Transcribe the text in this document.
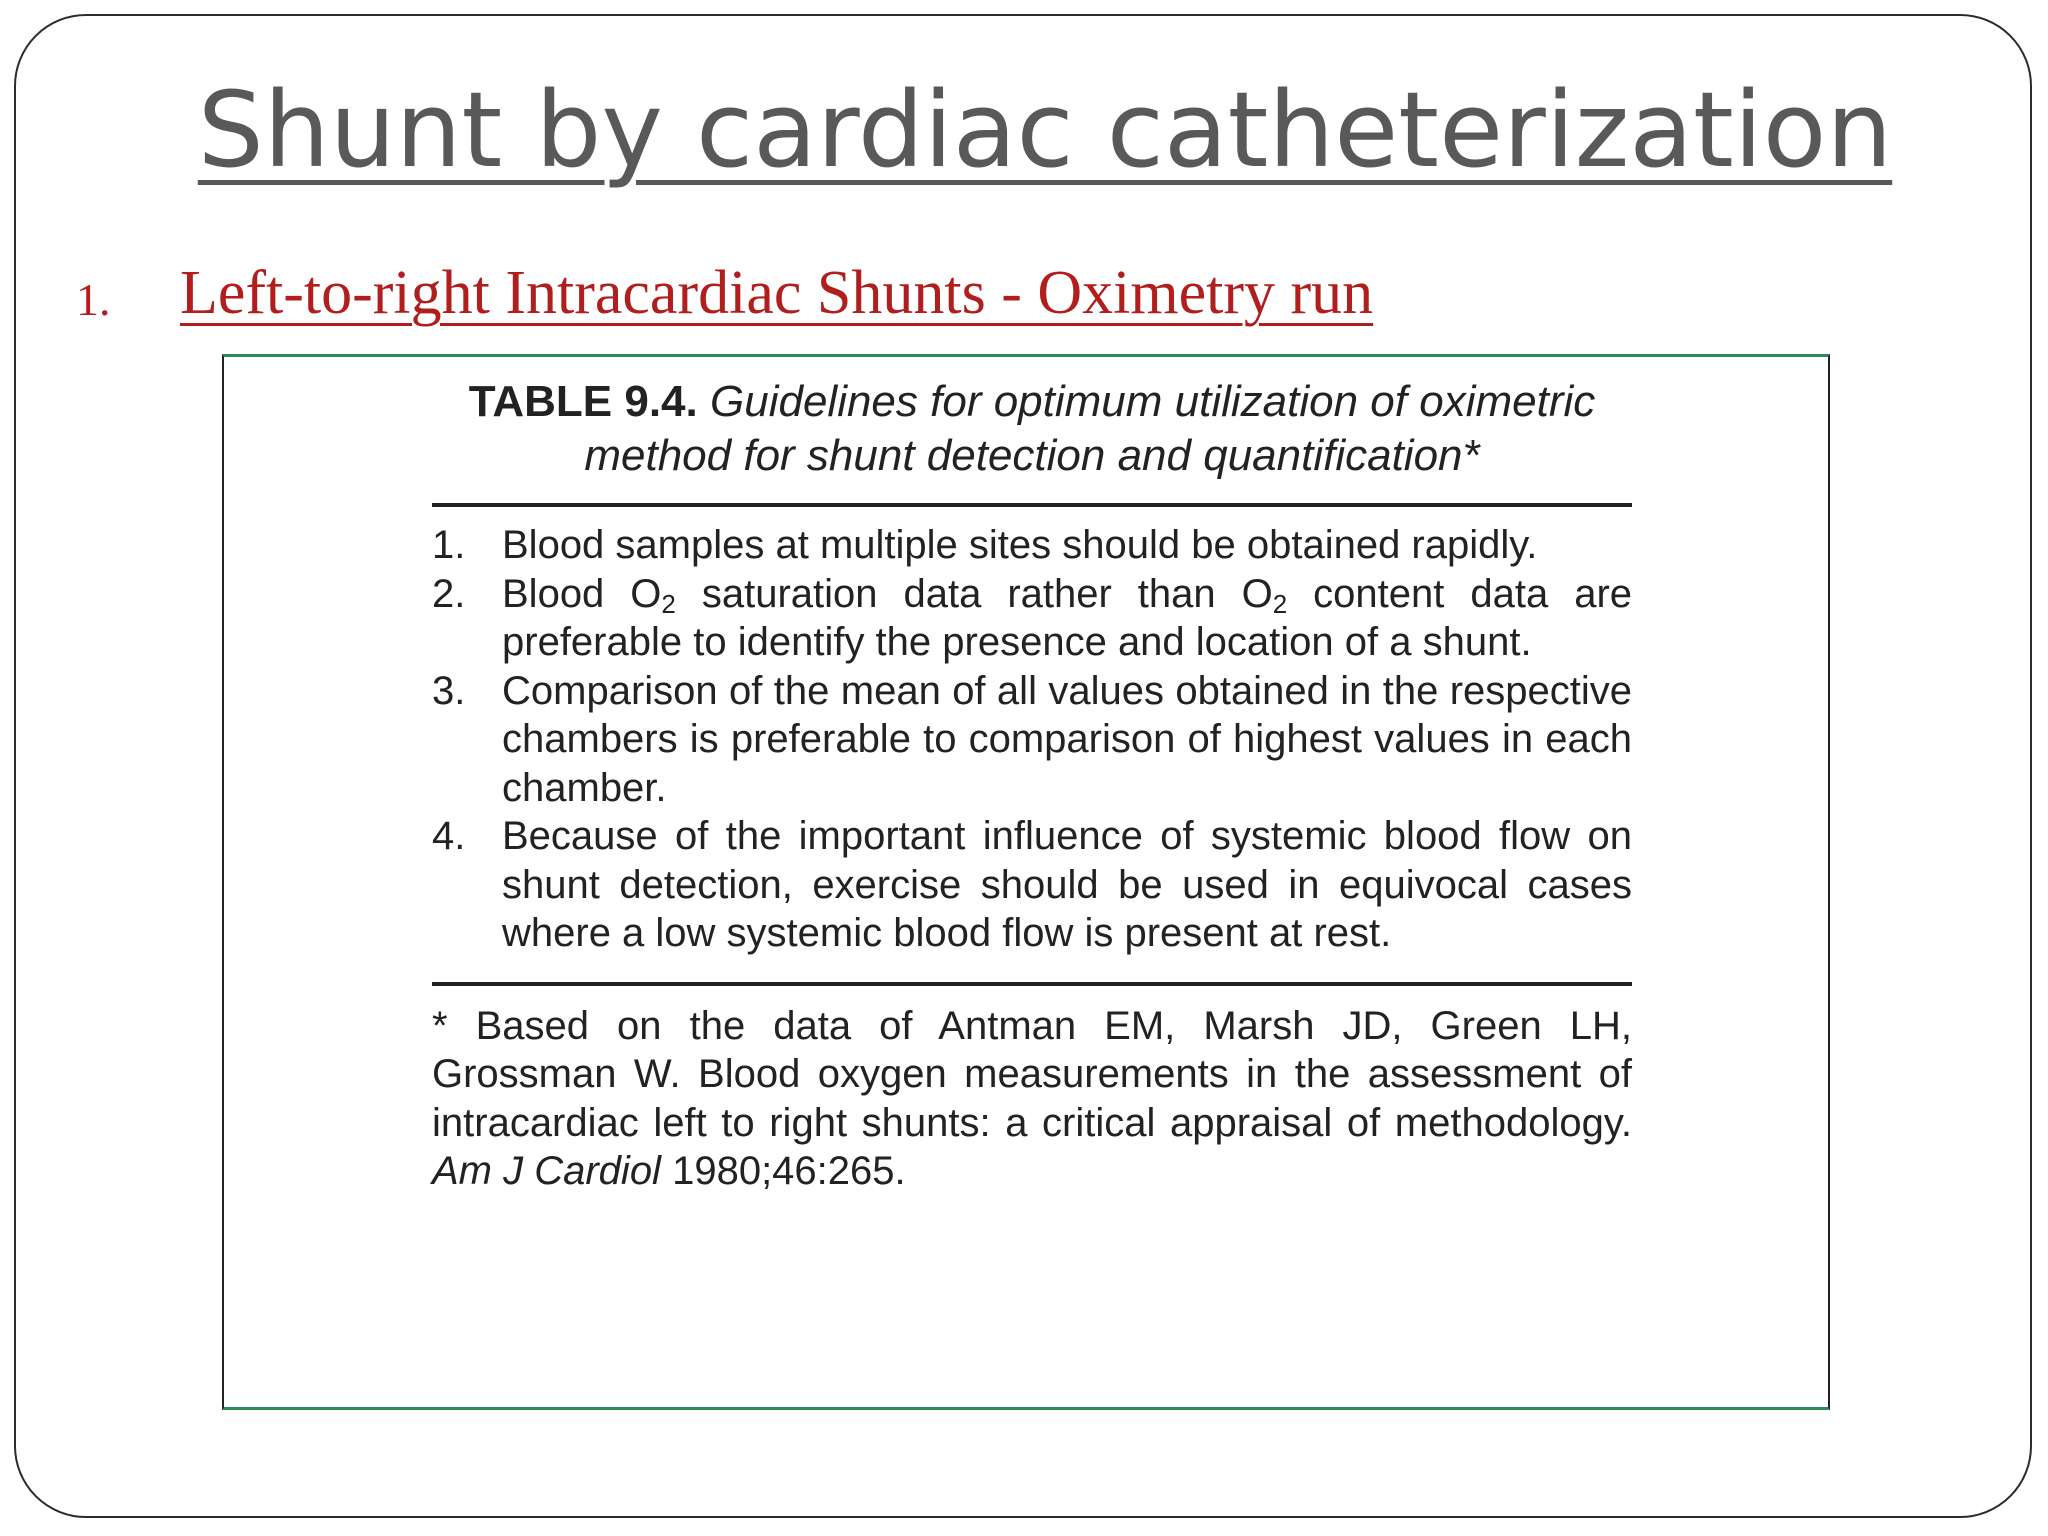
Shunt by cardiac catheterization
1. Left-to-right Intracardiac Shunts - Oximetry run
TABLE 9.4. Guidelines for optimum utilization of oximetric method for shunt detection and quantification*
1. Blood samples at multiple sites should be obtained rapidly.
2. Blood $O_2$ saturation data rather than $O_2$ content data are preferable to identify the presence and location of a shunt.
3. Comparison of the mean of all values obtained in the respective chambers is preferable to comparison of highest values in each chamber.
4. Because of the important influence of systemic blood flow on shunt detection, exercise should be used in equivocal cases where a low systemic blood flow is present at rest.
* Based on the data of Antman EM, Marsh JD, Green LH, Grossman W. Blood oxygen measurements in the assessment of intracardiac left to right shunts: a critical appraisal of methodology. Am J Cardiol 1980;46:265.
